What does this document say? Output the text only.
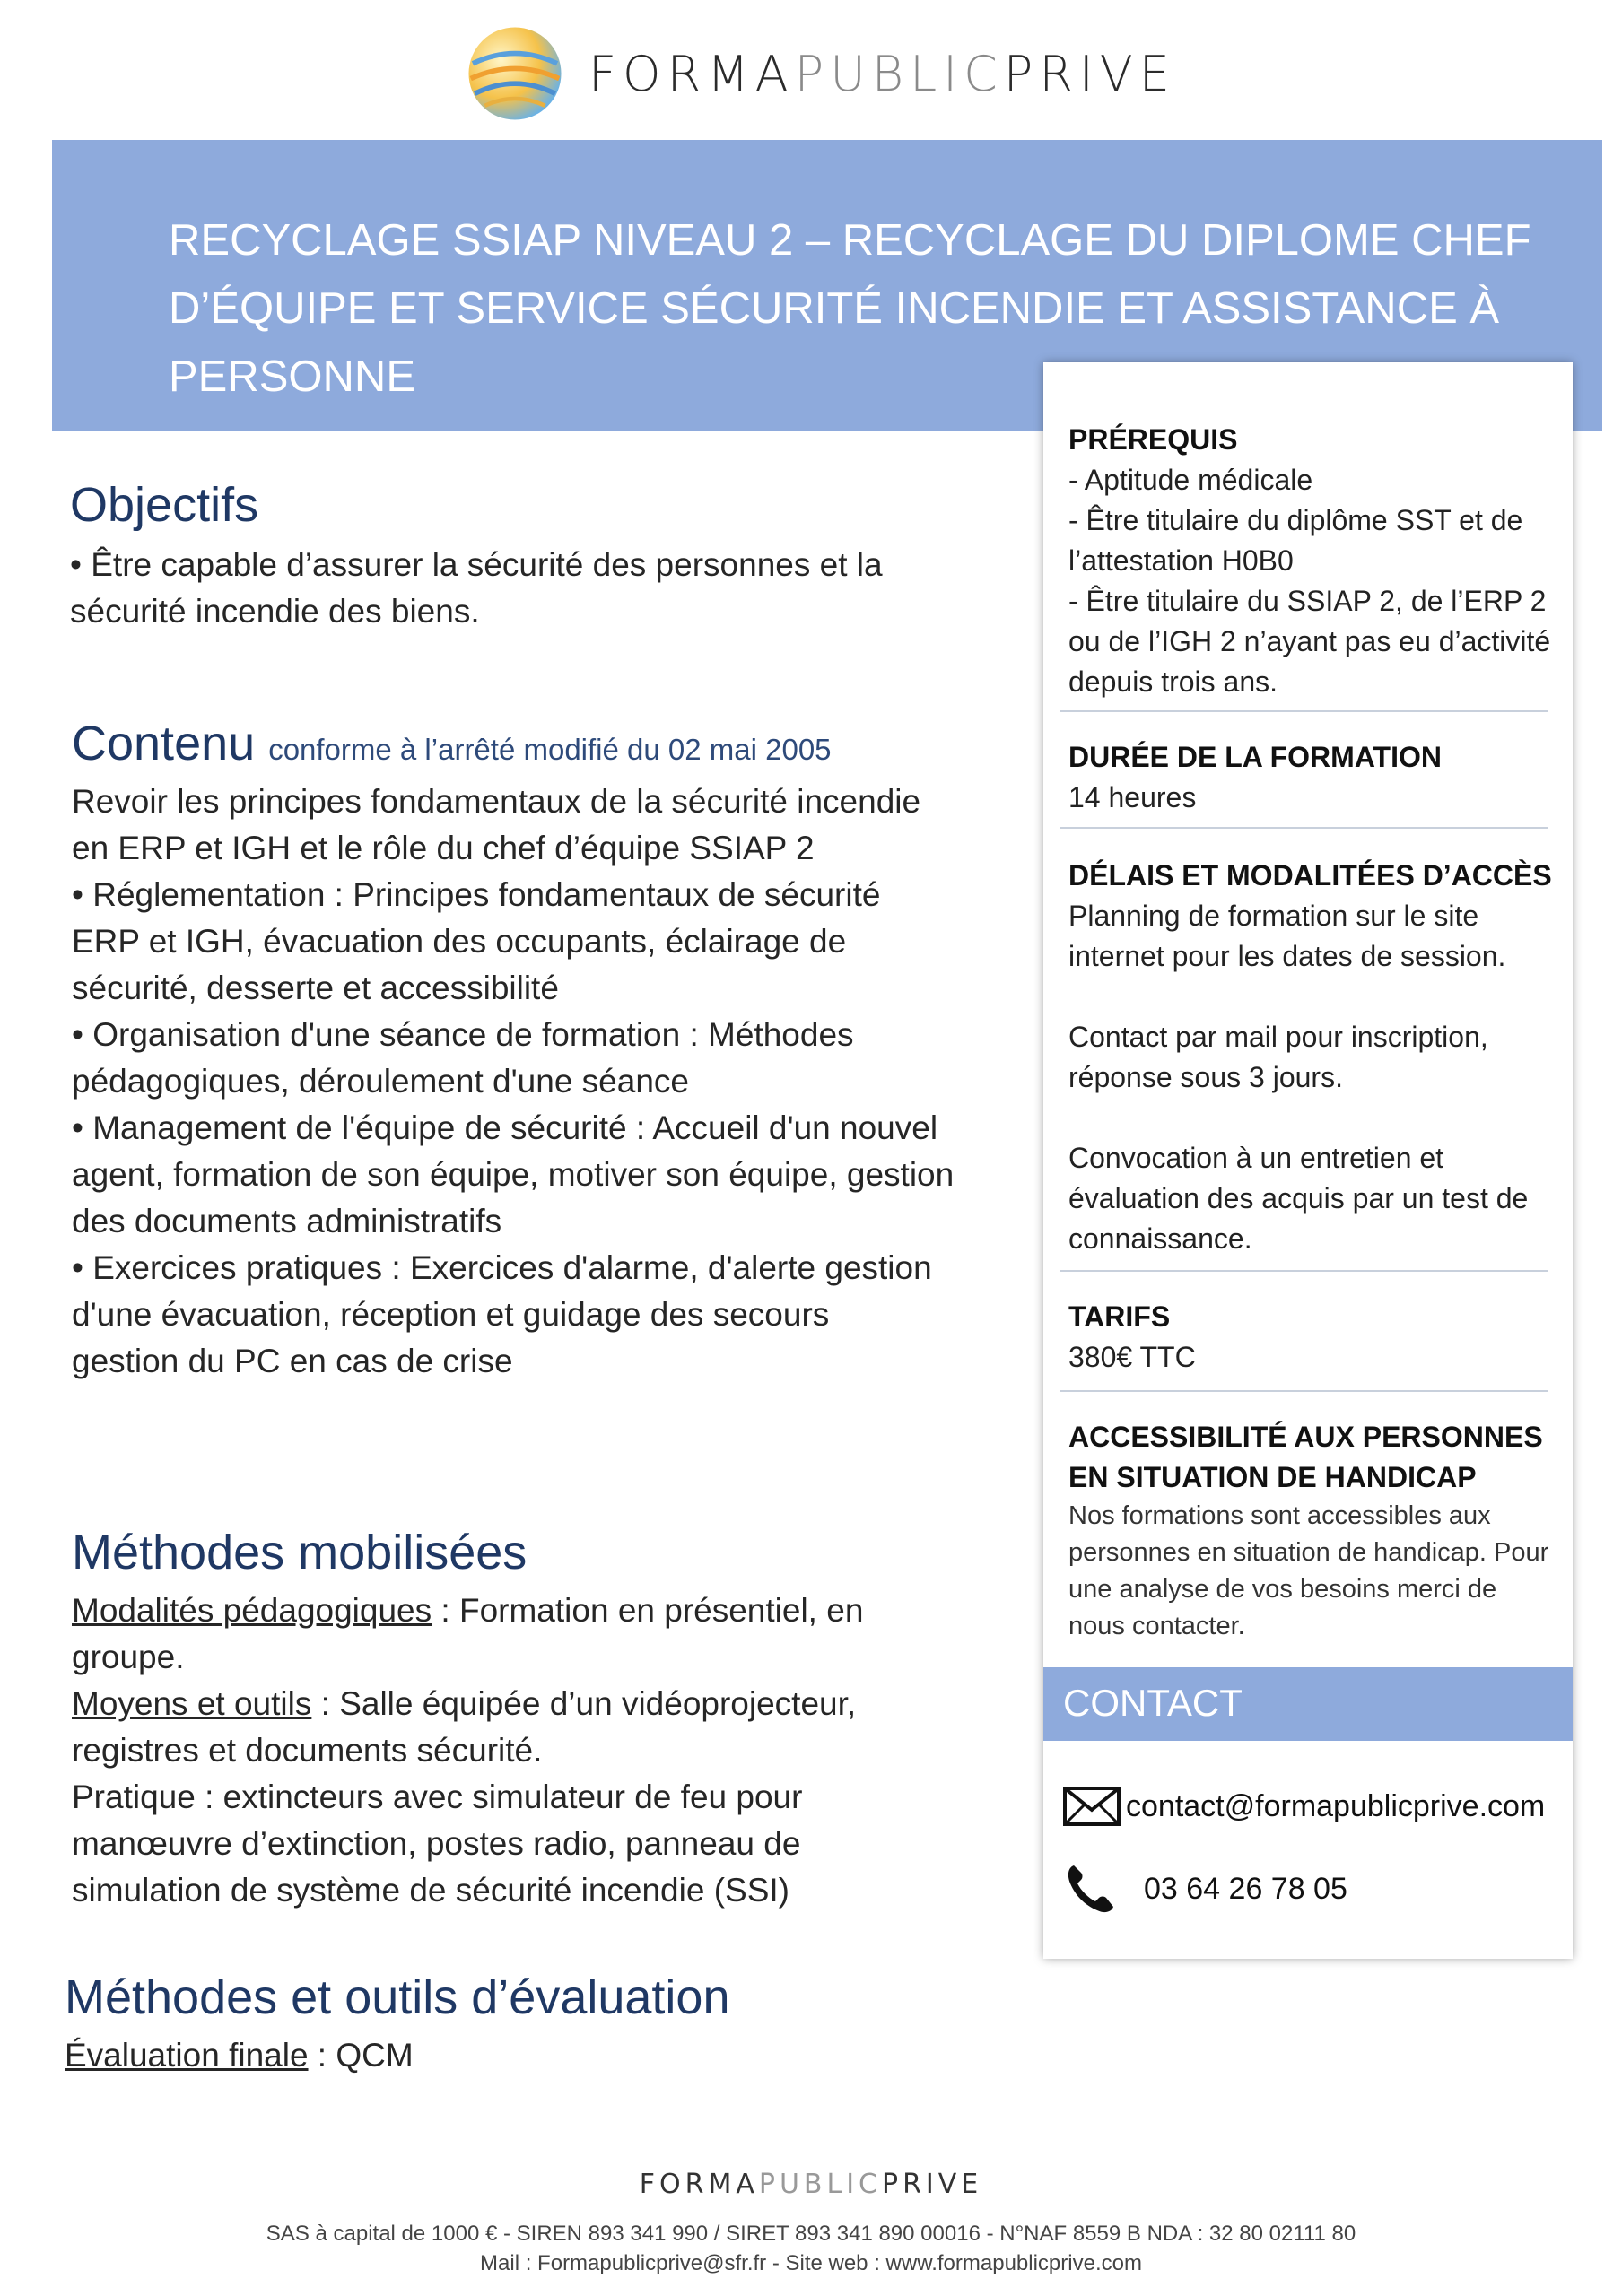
FORMAPUBLICPRIVE
RECYCLAGE SSIAP NIVEAU 2 – RECYCLAGE DU DIPLOME CHEF D’ÉQUIPE ET SERVICE SÉCURITÉ INCENDIE ET ASSISTANCE À PERSONNE
Objectifs
• Être capable d’assurer la sécurité des personnes et la sécurité incendie des biens.
Contenu conforme à l’arrêté modifié du 02 mai 2005

Revoir les principes fondamentaux de la sécurité incendie en ERP et IGH et le rôle du chef d’équipe SSIAP 2

• Réglementation : Principes fondamentaux de sécurité ERP et IGH, évacuation des occupants, éclairage de sécurité, desserte et accessibilité

• Organisation d'une séance de formation : Méthodes pédagogiques, déroulement d'une séance

• Management de l'équipe de sécurité : Accueil d'un nouvel agent, formation de son équipe, motiver son équipe, gestion des documents administratifs

• Exercices pratiques : Exercices d'alarme, d'alerte gestion d'une évacuation, réception et guidage des secours

gestion du PC en cas de crise

Méthodes mobilisées

Modalités pédagogiques : Formation en présentiel, en groupe.

Moyens et outils : Salle équipée d’un vidéoprojecteur, registres et documents sécurité.

Pratique : extincteurs avec simulateur de feu pour manœuvre d’extinction, postes radio, panneau de simulation de système de sécurité incendie (SSI)

Méthodes et outils d’évaluation

Évaluation finale : QCM

PRÉREQUIS

- Aptitude médicale

- Être titulaire du diplôme SST et de l’attestation H0B0

- Être titulaire du SSIAP 2, de l’ERP 2 ou de l’IGH 2 n’ayant pas eu d’activité depuis trois ans.

DURÉE DE LA FORMATION

14 heures

DÉLAIS ET MODALITÉES D’ACCÈS

Planning de formation sur le site internet pour les dates de session.

Contact par mail pour inscription, réponse sous 3 jours.

Convocation à un entretien et évaluation des acquis par un test de connaissance.

TARIFS

380€ TTC

ACCESSIBILITÉ AUX PERSONNES EN SITUATION DE HANDICAP

Nos formations sont accessibles aux personnes en situation de handicap. Pour une analyse de vos besoins merci de nous contacter.

CONTACT
contact@formapublicprive.com
03 64 26 78 05
FORMAPUBLICPRIVE
SAS à capital de 1000 € - SIREN 893 341 990 / SIRET 893 341 890 00016 - N°NAF 8559 B NDA : 32 80 02111 80
Mail : Formapublicprive@sfr.fr - Site web : www.formapublicprive.com
